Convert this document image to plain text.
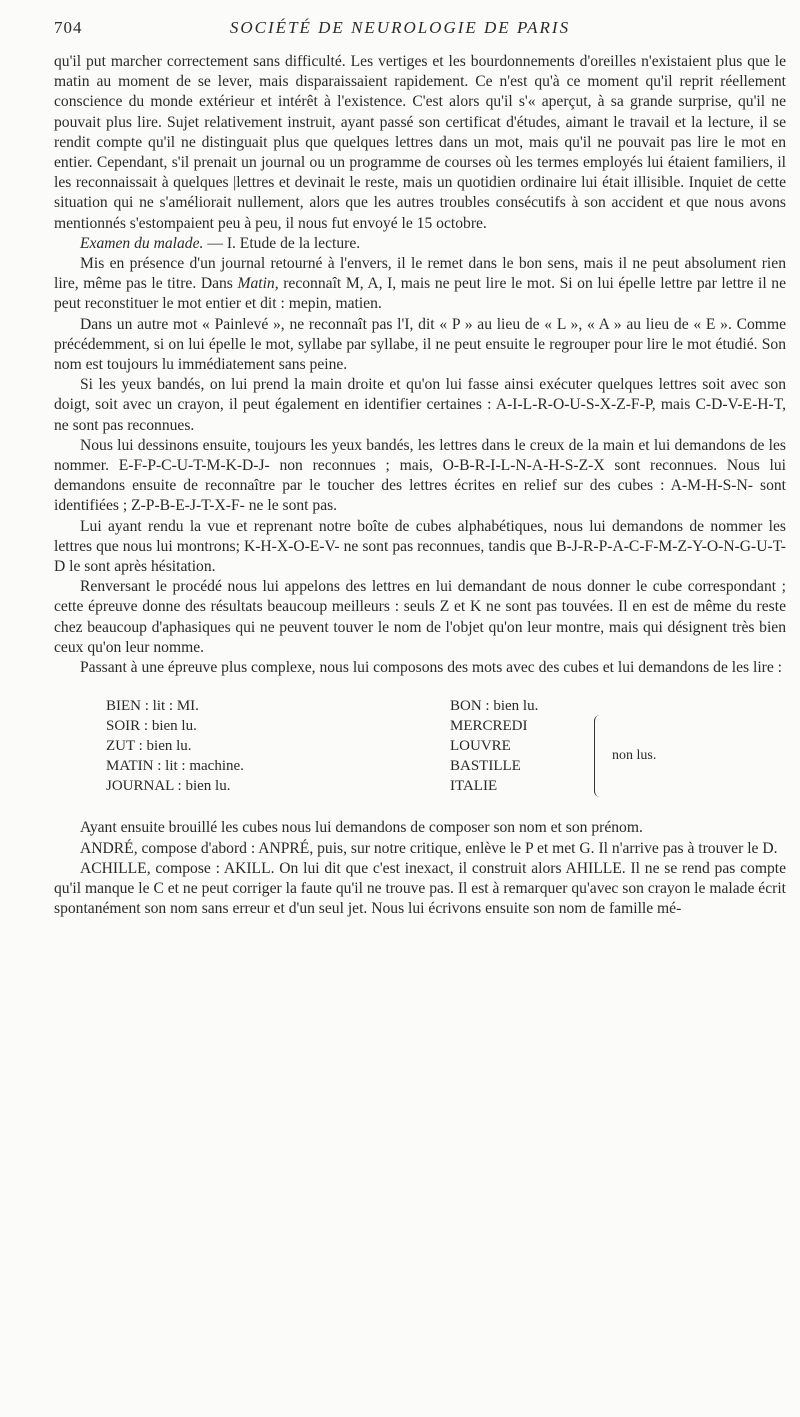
704	SOCIÉTÉ DE NEUROLOGIE DE PARIS

qu'il put marcher correctement sans difficulté. Les vertiges et les bourdonnements d'oreilles n'existaient plus que le matin au moment de se lever, mais disparaissaient rapidement. Ce n'est qu'à ce moment qu'il reprit réellement conscience du monde extérieur et intérêt à l'existence. C'est alors qu'il s'« aperçut, à sa grande surprise, qu'il ne pouvait plus lire. Sujet relativement instruit, ayant passé son certificat d'études, aimant le travail et la lecture, il se rendit compte qu'il ne distinguait plus que quelques lettres dans un mot, mais qu'il ne pouvait pas lire le mot en entier. Cependant, s'il prenait un journal ou un programme de courses où les termes employés lui étaient familiers, il les reconnaissait à quelques |lettres et devinait le reste, mais un quotidien ordinaire lui était illisible. Inquiet de cette situation qui ne s'améliorait nullement, alors que les autres troubles consécutifs à son accident et que nous avons mentionnés s'estompaient peu à peu, il nous fut envoyé le 15 octobre.

Examen du malade. — I. Etude de la lecture.

Mis en présence d'un journal retourné à l'envers, il le remet dans le bon sens, mais il ne peut absolument rien lire, même pas le titre. Dans Matin, reconnaît M, A, I, mais ne peut lire le mot. Si on lui épelle lettre par lettre il ne peut reconstituer le mot entier et dit : mepin, matien.

Dans un autre mot « Painlevé », ne reconnaît pas l'I, dit « P » au lieu de « L », « A » au lieu de « E ». Comme précédemment, si on lui épelle le mot, syllabe par syllabe, il ne peut ensuite le regrouper pour lire le mot étudié. Son nom est toujours lu immédiatement sans peine.

Si les yeux bandés, on lui prend la main droite et qu'on lui fasse ainsi exécuter quelques lettres soit avec son doigt, soit avec un crayon, il peut également en identifier certaines : A-I-L-R-O-U-S-X-Z-F-P, mais C-D-V-E-H-T, ne sont pas reconnues.

Nous lui dessinons ensuite, toujours les yeux bandés, les lettres dans le creux de la main et lui demandons de les nommer. E-F-P-C-U-T-M-K-D-J- non reconnues ; mais, O-B-R-I-L-N-A-H-S-Z-X sont reconnues. Nous lui demandons ensuite de reconnaître par le toucher des lettres écrites en relief sur des cubes : A-M-H-S-N- sont identifiées ; Z-P-B-E-J-T-X-F- ne le sont pas.

Lui ayant rendu la vue et reprenant notre boîte de cubes alphabétiques, nous lui demandons de nommer les lettres que nous lui montrons; K-H-X-O-E-V- ne sont pas reconnues, tandis que B-J-R-P-A-C-F-M-Z-Y-O-N-G-U-T-D le sont après hésitation.

Renversant le procédé nous lui appelons des lettres en lui demandant de nous donner le cube correspondant ; cette épreuve donne des résultats beaucoup meilleurs : seuls Z et K ne sont pas touvées. Il en est de même du reste chez beaucoup d'aphasiques qui ne peuvent touver le nom de l'objet qu'on leur montre, mais qui désignent très bien ceux qu'on leur nomme.

Passant à une épreuve plus complexe, nous lui composons des mots avec des cubes et lui demandons de les lire :

BIEN : lit : MI.
SOIR : bien lu.
ZUT : bien lu.
MATIN : lit : machine.
JOURNAL : bien lu.
BON : bien lu.
MERCREDI
LOUVRE
BASTILLE
ITALIE
non lus.

Ayant ensuite brouillé les cubes nous lui demandons de composer son nom et son prénom.

ANDRÉ, compose d'abord : ANPRÉ, puis, sur notre critique, enlève le P et met G. Il n'arrive pas à trouver le D.

ACHILLE, compose : AKILL. On lui dit que c'est inexact, il construit alors AHILLE. Il ne se rend pas compte qu'il manque le C et ne peut corriger la faute qu'il ne trouve pas. Il est à remarquer qu'avec son crayon le malade écrit spontanément son nom sans erreur et d'un seul jet. Nous lui écrivons ensuite son nom de famille mé-
